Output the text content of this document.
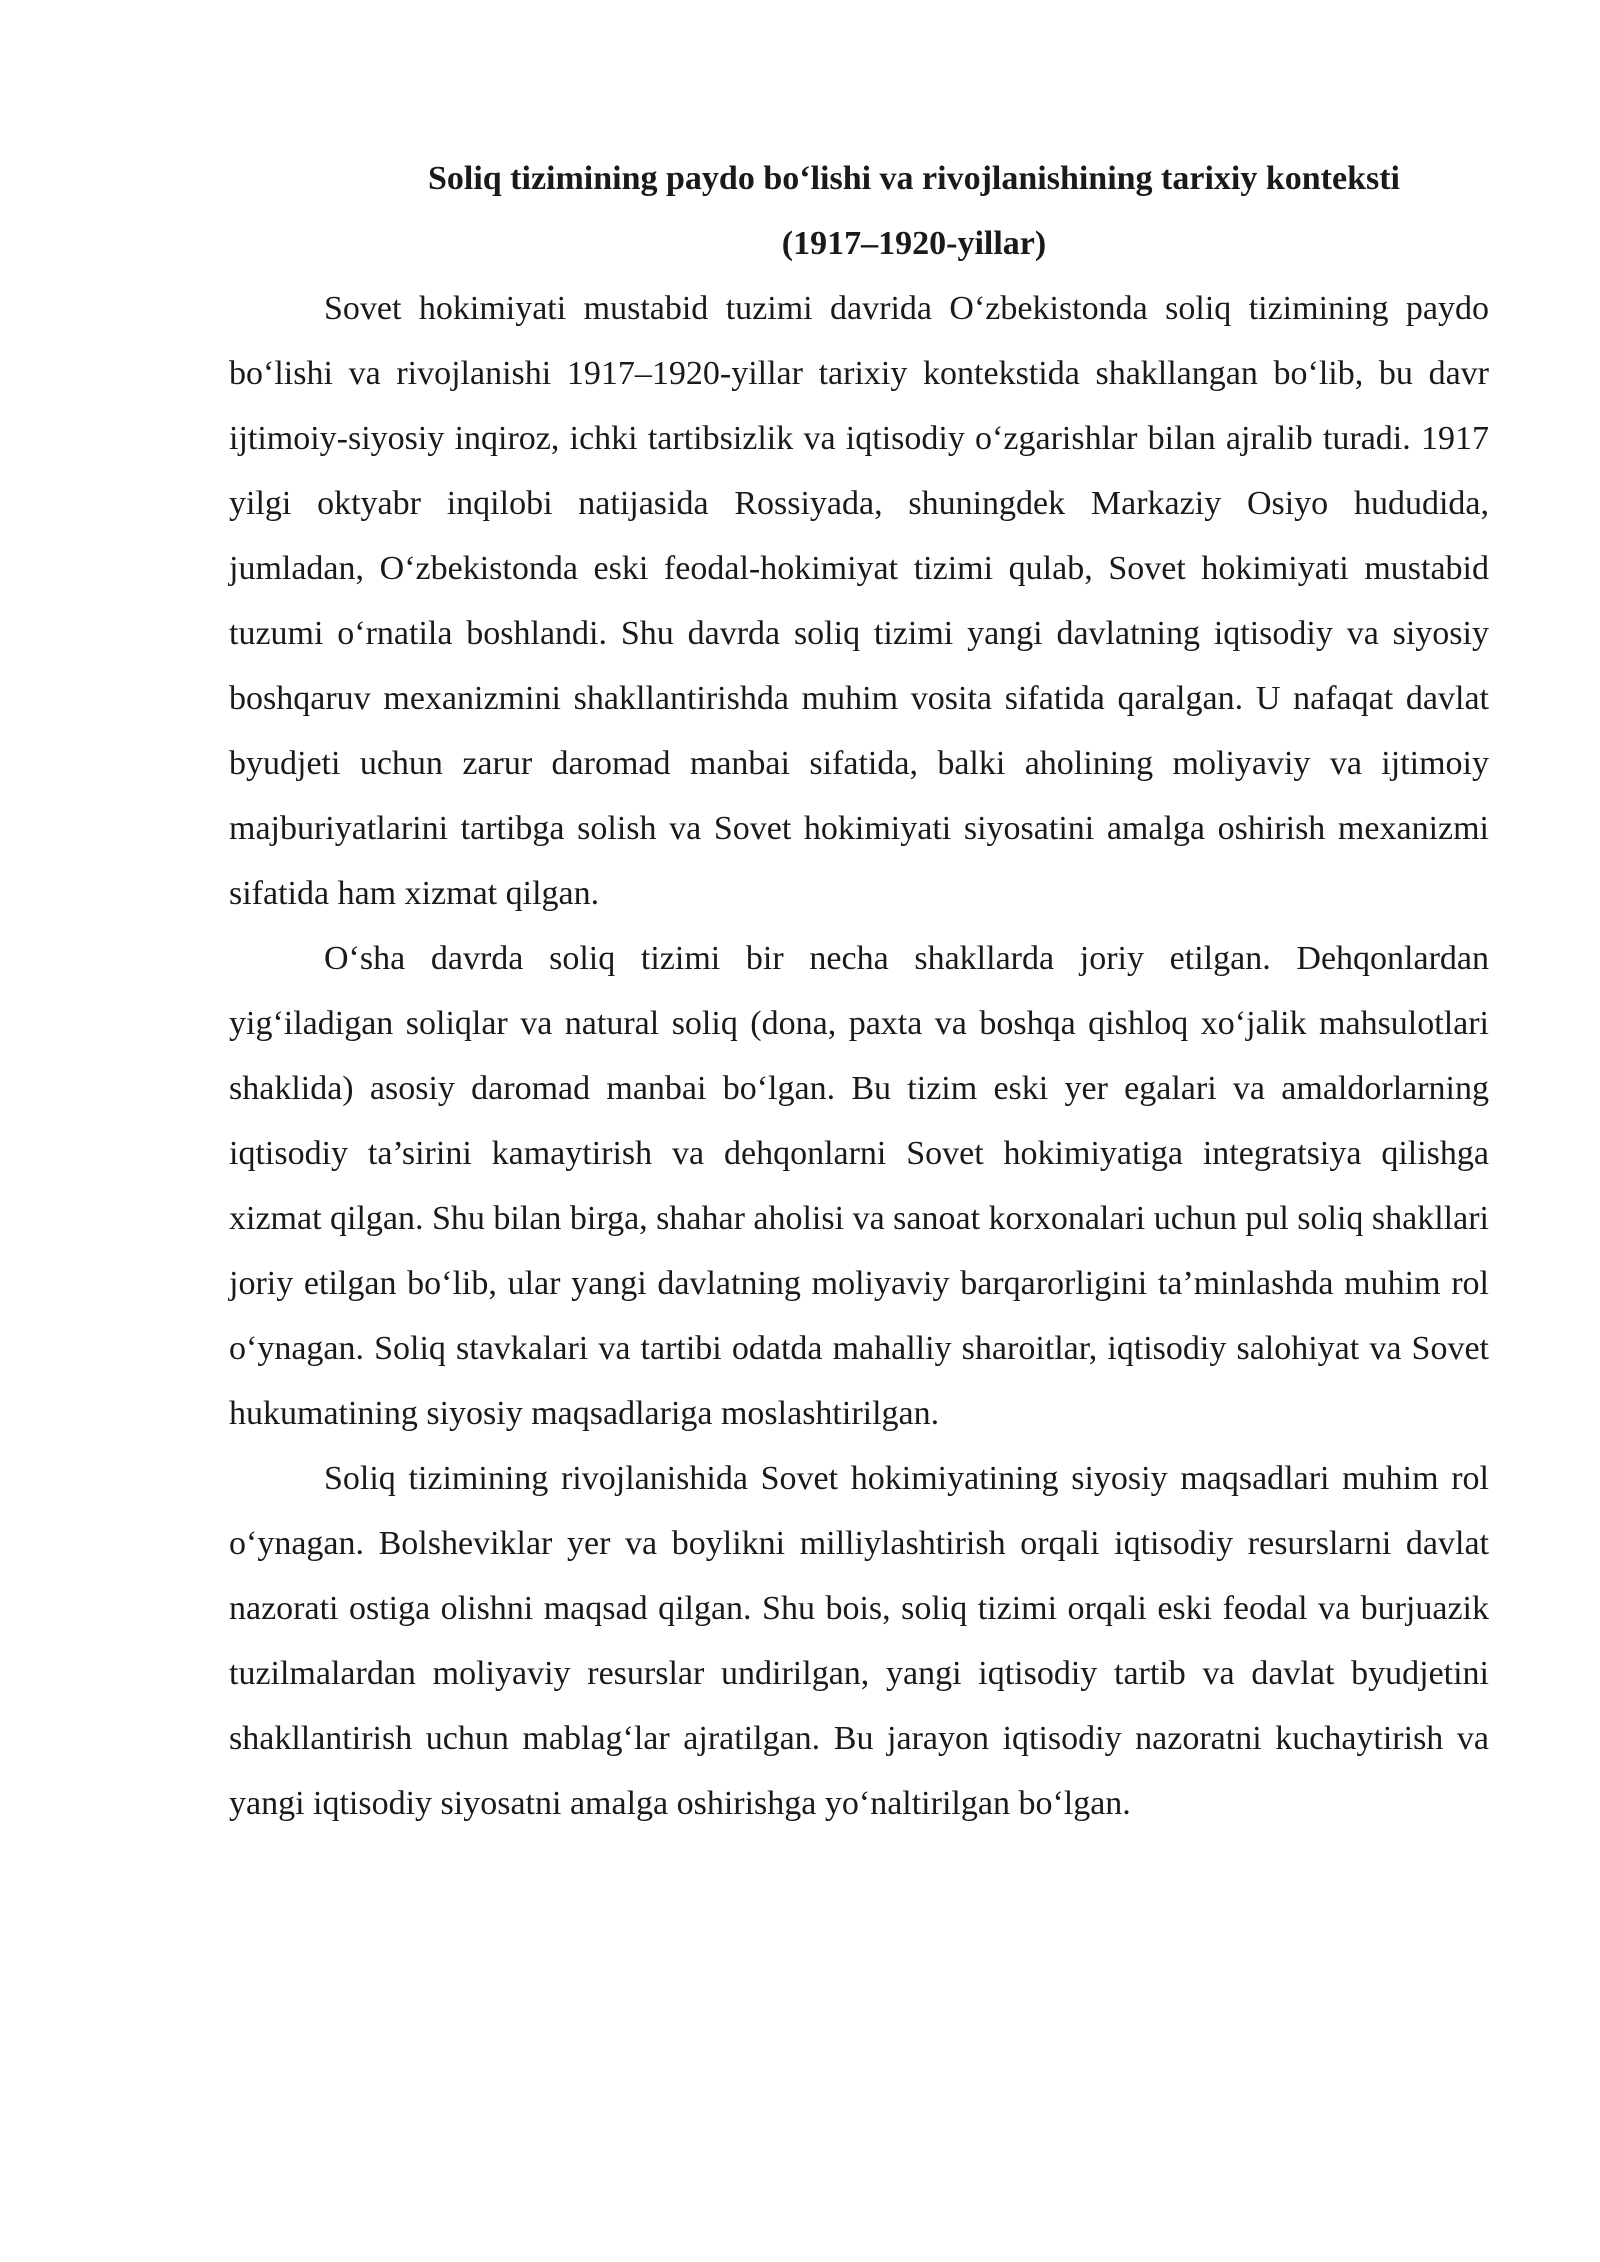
Soliq tizimining paydo bo‘lishi va rivojlanishining tarixiy konteksti
(1917–1920-yillar)

Sovet hokimiyati mustabid tuzimi davrida O‘zbekistonda soliq tizimining paydo bo‘lishi va rivojlanishi 1917–1920-yillar tarixiy kontekstida shakllangan bo‘lib, bu davr ijtimoiy-siyosiy inqiroz, ichki tartibsizlik va iqtisodiy o‘zgarishlar bilan ajralib turadi. 1917 yilgi oktyabr inqilobi natijasida Rossiyada, shuningdek Markaziy Osiyo hududida, jumladan, O‘zbekistonda eski feodal-hokimiyat tizimi qulab, Sovet hokimiyati mustabid tuzumi o‘rnatila boshlandi. Shu davrda soliq tizimi yangi davlatning iqtisodiy va siyosiy boshqaruv mexanizmini shakllantirishda muhim vosita sifatida qaralgan. U nafaqat davlat byudjeti uchun zarur daromad manbai sifatida, balki aholining moliyaviy va ijtimoiy majburiyatlarini tartibga solish va Sovet hokimiyati siyosatini amalga oshirish mexanizmi sifatida ham xizmat qilgan.

O‘sha davrda soliq tizimi bir necha shakllarda joriy etilgan. Dehqonlardan yig‘iladigan soliqlar va natural soliq (dona, paxta va boshqa qishloq xo‘jalik mahsulotlari shaklida) asosiy daromad manbai bo‘lgan. Bu tizim eski yer egalari va amaldorlarning iqtisodiy ta’sirini kamaytirish va dehqonlarni Sovet hokimiyatiga integratsiya qilishga xizmat qilgan. Shu bilan birga, shahar aholisi va sanoat korxonalari uchun pul soliq shakllari joriy etilgan bo‘lib, ular yangi davlatning moliyaviy barqarorligini ta’minlashda muhim rol o‘ynagan. Soliq stavkalari va tartibi odatda mahalliy sharoitlar, iqtisodiy salohiyat va Sovet hukumatining siyosiy maqsadlariga moslashtirilgan.

Soliq tizimining rivojlanishida Sovet hokimiyatining siyosiy maqsadlari muhim rol o‘ynagan. Bolsheviklar yer va boylikni milliylashtirish orqali iqtisodiy resurslarni davlat nazorati ostiga olishni maqsad qilgan. Shu bois, soliq tizimi orqali eski feodal va burjuazik tuzilmalardan moliyaviy resurslar undirilgan, yangi iqtisodiy tartib va davlat byudjetini shakllantirish uchun mablag‘lar ajratilgan. Bu jarayon iqtisodiy nazoratni kuchaytirish va yangi iqtisodiy siyosatni amalga oshirishga yo‘naltirilgan bo‘lgan.
